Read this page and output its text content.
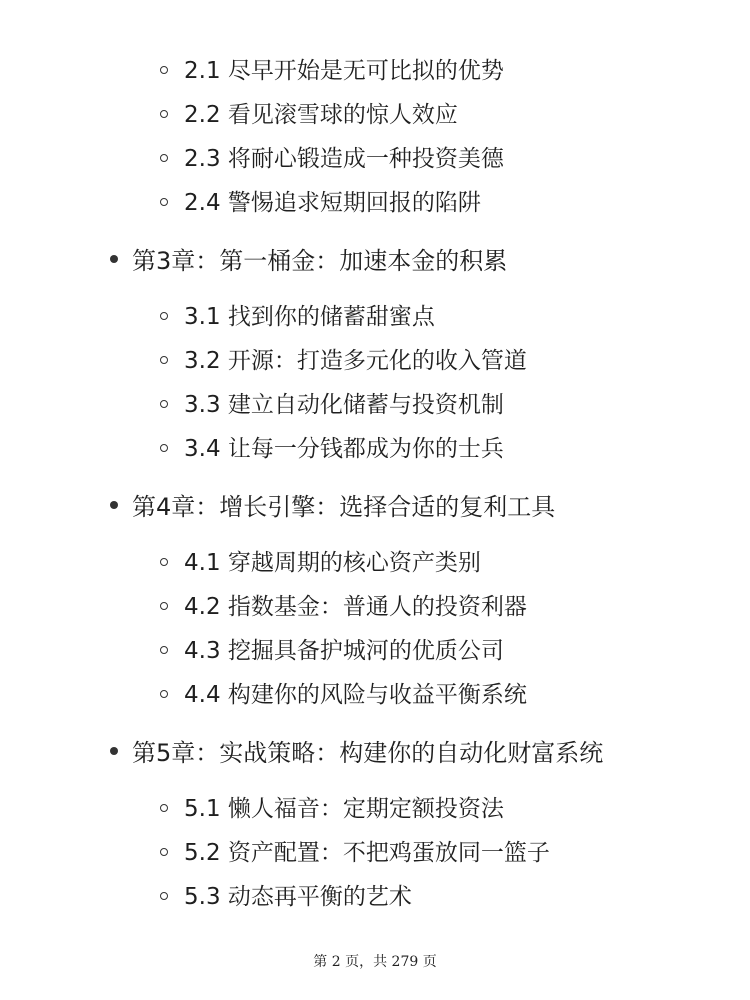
2.1 尽早开始是无可比拟的优势
2.2 看见滚雪球的惊人效应
2.3 将耐心锻造成一种投资美德
2.4 警惕追求短期回报的陷阱
第3章：第一桶金：加速本金的积累
3.1 找到你的储蓄甜蜜点
3.2 开源：打造多元化的收入管道
3.3 建立自动化储蓄与投资机制
3.4 让每一分钱都成为你的士兵
第4章：增长引擎：选择合适的复利工具
4.1 穿越周期的核心资产类别
4.2 指数基金：普通人的投资利器
4.3 挖掘具备护城河的优质公司
4.4 构建你的风险与收益平衡系统
第5章：实战策略：构建你的自动化财富系统
5.1 懒人福音：定期定额投资法
5.2 资产配置：不把鸡蛋放同一篮子
5.3 动态再平衡的艺术
第 2 页，共 279 页
